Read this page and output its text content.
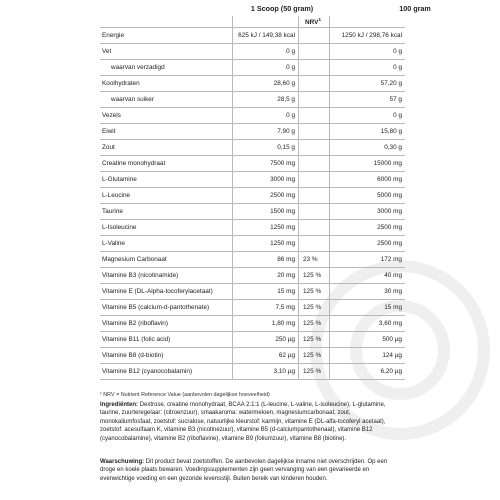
1 Scoop (50 gram)	100 gram
		NRV$^1$	
Energie	625 kJ / 149,38 kcal		1250 kJ / 298,76 kcal
Vet	0 g		0 g
waarvan verzadigd	0 g		0 g
Koolhydraten	28,60 g		57,20 g
waarvan suiker	28,5 g		57 g
Vezels	0 g		0 g
Eiwit	7,90 g		15,80 g
Zout	0,15 g		0,30 g
Creatine monohydraat	7500 mg		15000 mg
L-Glutamine	3000 mg		6000 mg
L-Leucine	2500 mg		5000 mg
Taurine	1500 mg		3000 mg
L-Isoleucine	1250 mg		2500 mg
L-Valine	1250 mg		2500 mg
Magnesium Carbonaat	86 mg	23 %	172 mg
Vitamine B3 (nicotinamide)	20 mg	125 %	40 mg
Vitamine E (DL-Alpha-tocoferylacetaat)	15 mg	125 %	30 mg
Vitamine B5 (calcium-d-pantothenate)	7,5 mg	125 %	15 mg
Vitamine B2 (riboflavin)	1,80 mg	125 %	3,60 mg
Vitamine B11 (folic acid)	250 µg	125 %	500 µg
Vitamine B8 (d-biotin)	62 µg	125 %	124 µg
Vitamine B12 (cyanocobalamin)	3,10 µg	125 %	6,20 µg

¹ NRV = Nutrient Reference Value (aanbevolen dagelijkse hoeveelheid)
Ingrediënten: Dextrose, creatine monohydraat, BCAA 2:1:1 (L-leucine, L-valine, L-isoleucine), L-glutamine, taurine, zuurteregelaar: (citroenzuur), smaakaroma: watermeloen, magnesiumcarbonaat, zout, monokaliumfosfaat, zoetstof: sucralose, natuurlijke kleurstof: karmijn, vitamine E (DL-alfa-tocoferyl acetaat), zoetstof: acesulfaam K, vitamine B3 (nicotinezuur), vitamine B5 (d-calciumpantothenaat), vitamine B12 (cyanocobalamine), vitamine B2 (riboflavine), vitamine B9 (foliumzuur), vitamine B8 (biotine).
Waarschuwing: Dit product bevat zoetstoffen. De aanbevolen dagelijkse inname niet overschrijden. Op een droge en koele plaats bewaren. Voedingssupplementen zijn geen vervanging van een gevarieerde en evenwichtige voeding en een gezonde levensstijl. Buiten bereik van kinderen houden.
